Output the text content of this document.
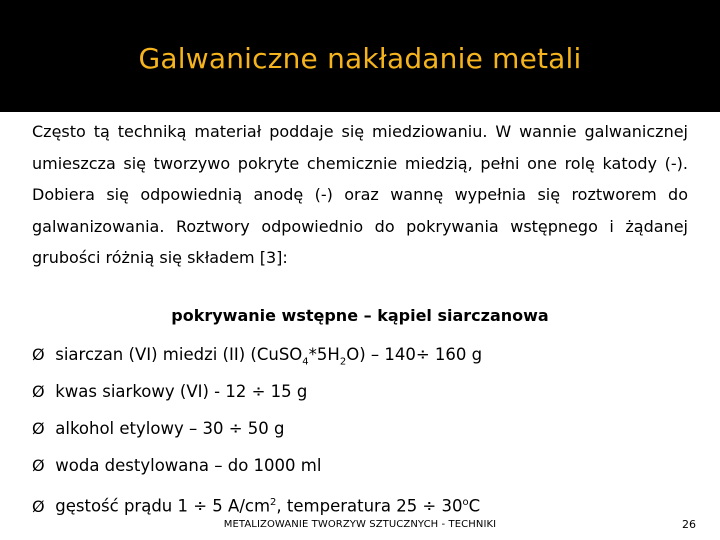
Galwaniczne nakładanie metali
Często tą techniką materiał poddaje się miedziowaniu. W wannie galwanicznej
umieszcza się tworzywo pokryte chemicznie miedzią, pełni one rolę katody (-).
Dobiera się odpowiednią anodę (-) oraz wannę wypełnia się roztworem do
galwanizowania. Roztwory odpowiednio do pokrywania wstępnego i żądanej
grubości różnią się składem [3]:
pokrywanie wstępne – kąpiel siarczanowa
Ø siarczan (VI) miedzi (II) $(CuSO_4*5H_2O) - 140\div 160$ g
Ø kwas siarkowy (VI) - 12 ÷ 15 g
Ø alkohol etylowy – 30 ÷ 50 g
Ø woda destylowana – do 1000 ml
Ø gęstość prądu 1 ÷ 5 $A/cm^2$, temperatura $25 \div 30^oC$
METALIZOWANIE TWORZYW SZTUCZNYCH - TECHNIKI	26
